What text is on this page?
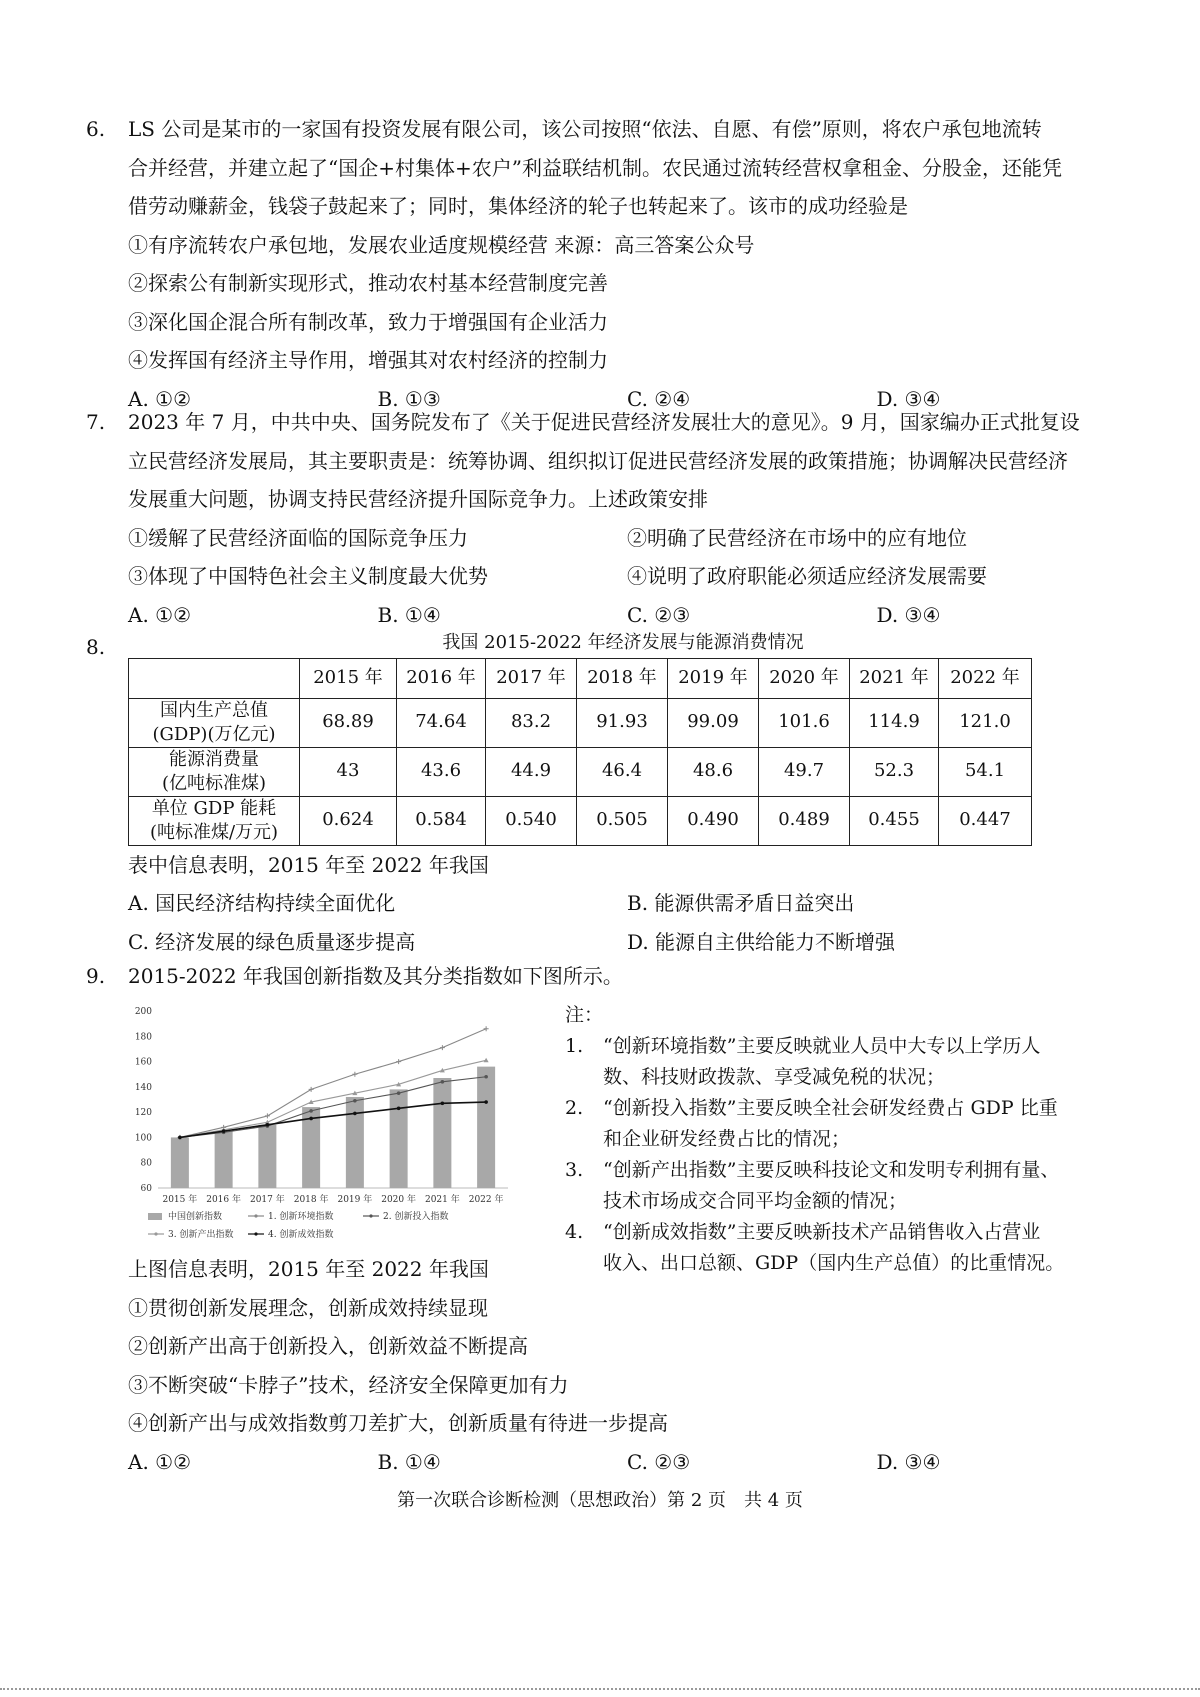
6. LS 公司是某市的一家国有投资发展有限公司，该公司按照“依法、自愿、有偿”原则，将农户承包地流转
合并经营，并建立起了“国企+村集体+农户”利益联结机制。农民通过流转经营权拿租金、分股金，还能凭
借劳动赚薪金，钱袋子鼓起来了；同时，集体经济的轮子也转起来了。该市的成功经验是
①有序流转农户承包地，发展农业适度规模经营 来源：高三答案公众号
②探索公有制新实现形式，推动农村基本经营制度完善
③深化国企混合所有制改革，致力于增强国有企业活力
④发挥国有经济主导作用，增强其对农村经济的控制力
A. ①②	B. ①③	C. ②④	D. ③④
7. 2023 年 7 月，中共中央、国务院发布了《关于促进民营经济发展壮大的意见》。9 月，国家编办正式批复设
立民营经济发展局，其主要职责是：统筹协调、组织拟订促进民营经济发展的政策措施；协调解决民营经济
发展重大问题，协调支持民营经济提升国际竞争力。上述政策安排
①缓解了民营经济面临的国际竞争压力	②明确了民营经济在市场中的应有地位
③体现了中国特色社会主义制度最大优势	④说明了政府职能必须适应经济发展需要
A. ①②	B. ①④	C. ②③	D. ③④
8.	我国 2015-2022 年经济发展与能源消费情况
	2015 年	2016 年	2017 年	2018 年	2019 年	2020 年	2021 年	2022 年

国内生产总值
(GDP)(万亿元)	68.89	74.64	83.2	91.93	99.09	101.6	114.9	121.0

能源消费量
(亿吨标准煤)	43	43.6	44.9	46.4	48.6	49.7	52.3	54.1

单位 GDP 能耗
(吨标准煤/万元)	0.624	0.584	0.540	0.505	0.490	0.489	0.455	0.447
表中信息表明，2015 年至 2022 年我国
A. 国民经济结构持续全面优化	B. 能源供需矛盾日益突出
C. 经济发展的绿色质量逐步提高	D. 能源自主供给能力不断增强
9. 2015-2022 年我国创新指数及其分类指数如下图所示。
200
180
160
140
120
100
80
60
2015 年 2016 年 2017 年 2018 年 2019 年 2020 年 2021 年 2022 年
中国创新指数	1. 创新环境指数	2. 创新投入指数
3. 创新产出指数	4. 创新成效指数
注：
1.	“创新环境指数”主要反映就业人员中大专以上学历人
数、科技财政拨款、享受减免税的状况；
2.	“创新投入指数”主要反映全社会研发经费占 GDP 比重
和企业研发经费占比的情况；
3.	“创新产出指数”主要反映科技论文和发明专利拥有量、
技术市场成交合同平均金额的情况；
4.	“创新成效指数”主要反映新技术产品销售收入占营业
收入、出口总额、GDP（国内生产总值）的比重情况。
上图信息表明，2015 年至 2022 年我国
①贯彻创新发展理念，创新成效持续显现
②创新产出高于创新投入，创新效益不断提高
③不断突破“卡脖子”技术，经济安全保障更加有力
④创新产出与成效指数剪刀差扩大，创新质量有待进一步提高
A. ①②	B. ①④	C. ②③	D. ③④
第一次联合诊断检测（思想政治）第 2 页　共 4 页
